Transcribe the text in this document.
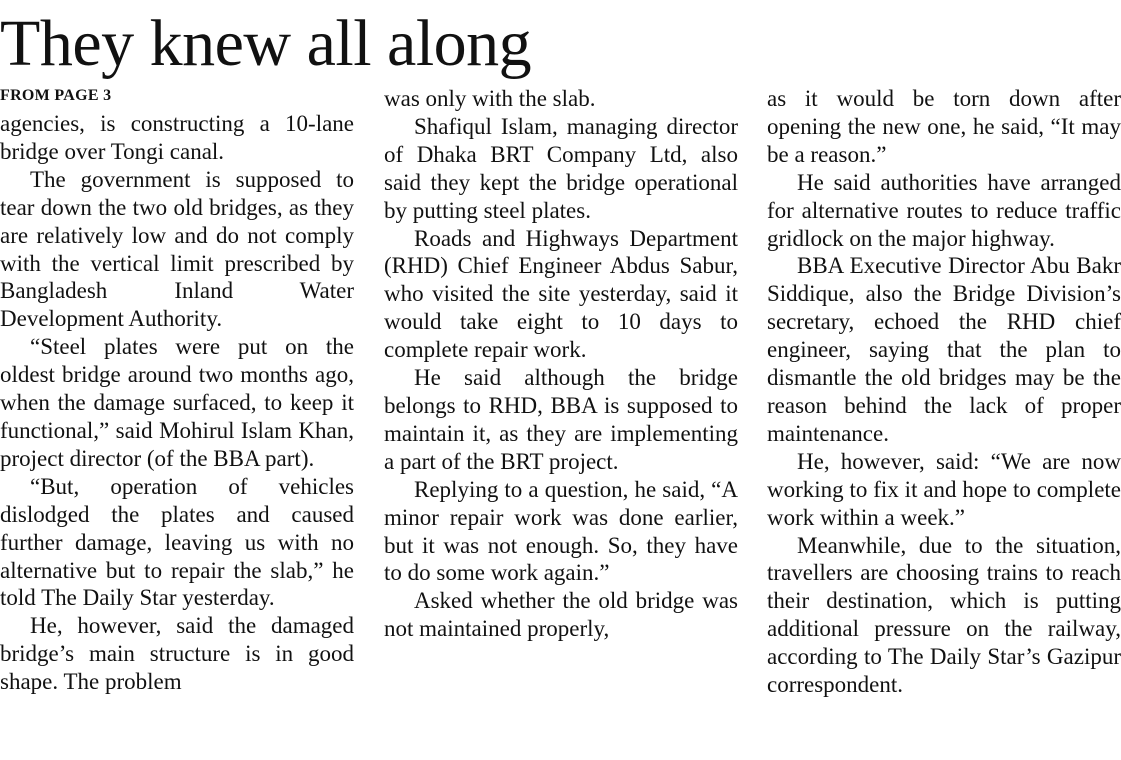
They knew all along
FROM PAGE 3

agencies, is constructing a 10-lane bridge over Tongi canal.

The government is supposed to tear down the two old bridges, as they are relatively low and do not comply with the vertical limit prescribed by Bangladesh Inland Water Development Authority.

“Steel plates were put on the oldest bridge around two months ago, when the damage surfaced, to keep it functional,” said Mohirul Islam Khan, project director (of the BBA part).

“But, operation of vehicles dislodged the plates and caused further damage, leaving us with no alternative but to repair the slab,” he told The Daily Star yesterday.

He, however, said the damaged bridge’s main structure is in good shape. The problem

was only with the slab.

Shafiqul Islam, managing director of Dhaka BRT Company Ltd, also said they kept the bridge operational by putting steel plates.

Roads and Highways Department (RHD) Chief Engineer Abdus Sabur, who visited the site yesterday, said it would take eight to 10 days to complete repair work.

He said although the bridge belongs to RHD, BBA is supposed to maintain it, as they are implementing a part of the BRT project.

Replying to a question, he said, “A minor repair work was done earlier, but it was not enough. So, they have to do some work again.”

Asked whether the old bridge was not maintained properly,

as it would be torn down after opening the new one, he said, “It may be a reason.”

He said authorities have arranged for alternative routes to reduce traffic gridlock on the major highway.

BBA Executive Director Abu Bakr Siddique, also the Bridge Division’s secretary, echoed the RHD chief engineer, saying that the plan to dismantle the old bridges may be the reason behind the lack of proper maintenance.

He, however, said: “We are now working to fix it and hope to complete work within a week.”

Meanwhile, due to the situation, travellers are choosing trains to reach their destination, which is putting additional pressure on the railway, according to The Daily Star’s Gazipur correspondent.
